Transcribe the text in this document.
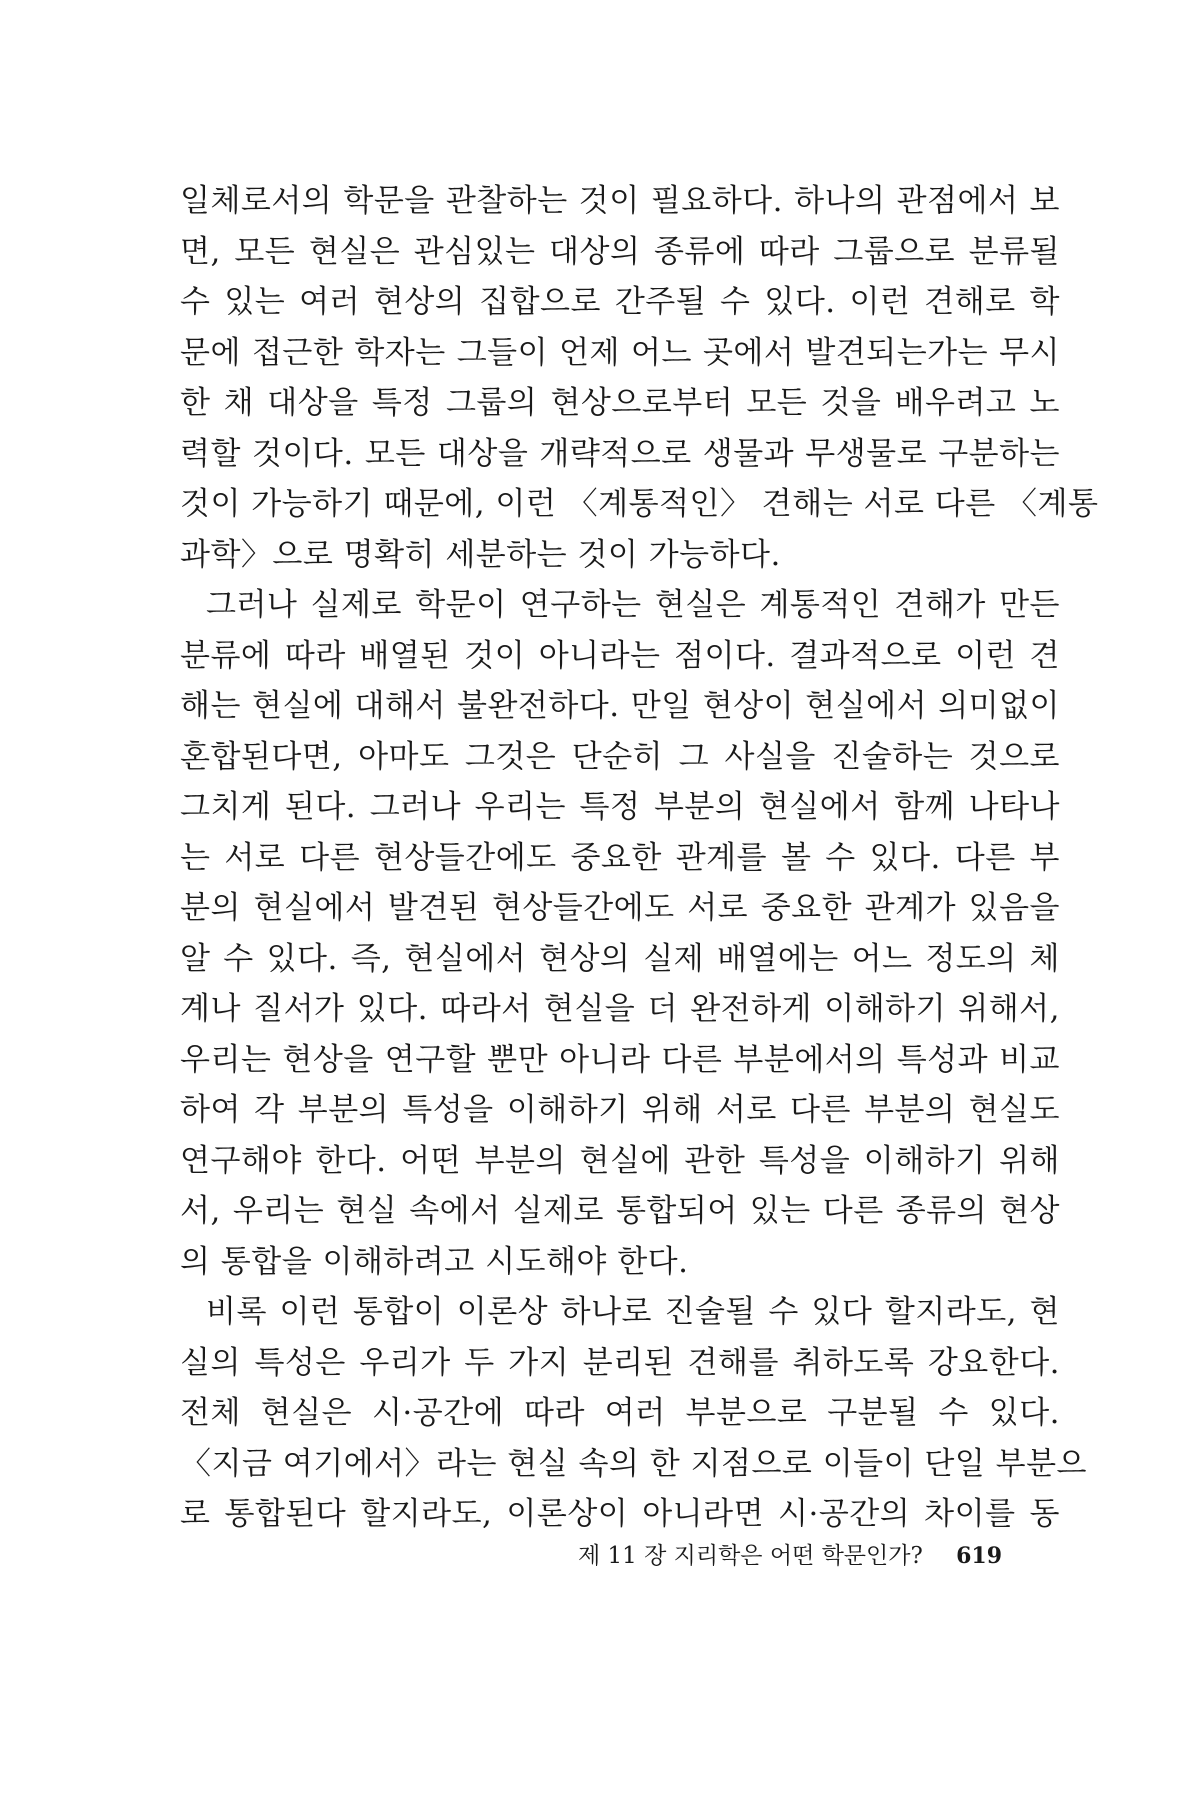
일체로서의 학문을 관찰하는 것이 필요하다. 하나의 관점에서 보
면, 모든 현실은 관심있는 대상의 종류에 따라 그룹으로 분류될
수 있는 여러 현상의 집합으로 간주될 수 있다. 이런 견해로 학
문에 접근한 학자는 그들이 언제 어느 곳에서 발견되는가는 무시
한 채 대상을 특정 그룹의 현상으로부터 모든 것을 배우려고 노
력할 것이다. 모든 대상을 개략적으로 생물과 무생물로 구분하는
것이 가능하기 때문에, 이런 〈계통적인〉 견해는 서로 다른 〈계통
과학〉으로 명확히 세분하는 것이 가능하다.
그러나 실제로 학문이 연구하는 현실은 계통적인 견해가 만든
분류에 따라 배열된 것이 아니라는 점이다. 결과적으로 이런 견
해는 현실에 대해서 불완전하다. 만일 현상이 현실에서 의미없이
혼합된다면, 아마도 그것은 단순히 그 사실을 진술하는 것으로
그치게 된다. 그러나 우리는 특정 부분의 현실에서 함께 나타나
는 서로 다른 현상들간에도 중요한 관계를 볼 수 있다. 다른 부
분의 현실에서 발견된 현상들간에도 서로 중요한 관계가 있음을
알 수 있다. 즉, 현실에서 현상의 실제 배열에는 어느 정도의 체
계나 질서가 있다. 따라서 현실을 더 완전하게 이해하기 위해서,
우리는 현상을 연구할 뿐만 아니라 다른 부분에서의 특성과 비교
하여 각 부분의 특성을 이해하기 위해 서로 다른 부분의 현실도
연구해야 한다. 어떤 부분의 현실에 관한 특성을 이해하기 위해
서, 우리는 현실 속에서 실제로 통합되어 있는 다른 종류의 현상
의 통합을 이해하려고 시도해야 한다.
비록 이런 통합이 이론상 하나로 진술될 수 있다 할지라도, 현
실의 특성은 우리가 두 가지 분리된 견해를 취하도록 강요한다.
전체 현실은 시·공간에 따라 여러 부분으로 구분될 수 있다.
〈지금 여기에서〉라는 현실 속의 한 지점으로 이들이 단일 부분으
로 통합된다 할지라도, 이론상이 아니라면 시·공간의 차이를 동
제 11 장 지리학은 어떤 학문인가? 619
